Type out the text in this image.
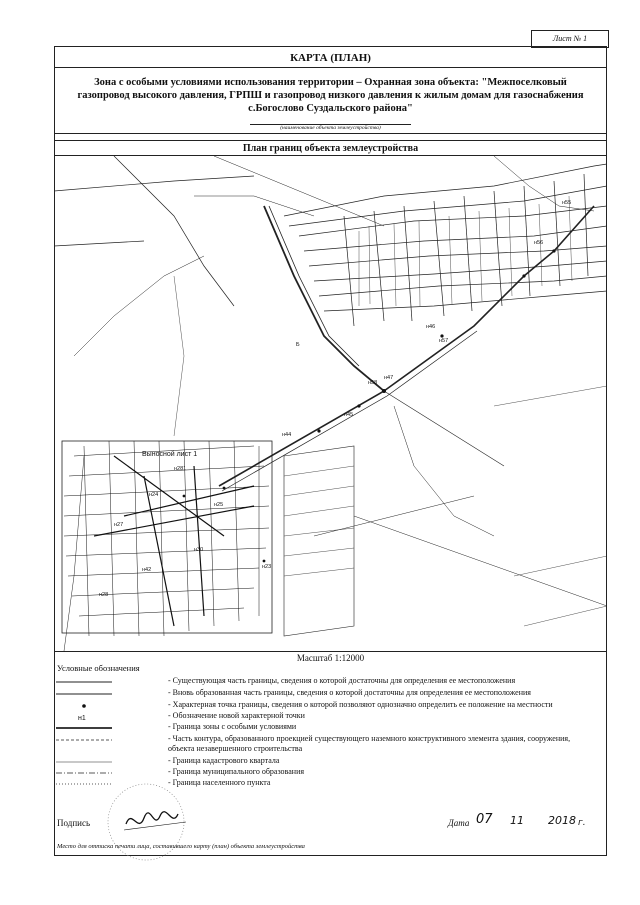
Лист № 1
КАРТА (ПЛАН)
Зона с особыми условиями использования территории – Охранная зона объекта: "Межпоселковый газопровод высокого давления, ГРПШ и газопровод низкого давления к жилым домам для газоснабжения с.Богослово Суздальского района"
(наименование объекта землеустройства)
План границ объекта землеустройства
н58
н47
н45
н44
н46
н57
н56
н55
н281
н23
н24
н25
н27
н30
н42
н28
Б
Выносной лист 1
Масштаб 1:12000
Условные обозначения
- Существующая часть границы, сведения о которой достаточны для определения ее местоположения
- Вновь образованная часть границы, сведения о которой достаточны для определения ее местоположения
- Характерная точка границы, сведения о которой позволяют однозначно определить ее положение на местности
н1	- Обозначение новой характерной точки
- Граница зоны с особыми условиями
- Часть контура, образованного проекцией существующего наземного конструктивного элемента здания, сооружения, объекта незавершенного строительства
- Граница кадастрового квартала
- Граница муниципального образования
- Граница населенного пункта
Подпись	Дата 07 11 2018 г.
Место для оттиска печати лица, составившего карту (план) объекта землеустройства
